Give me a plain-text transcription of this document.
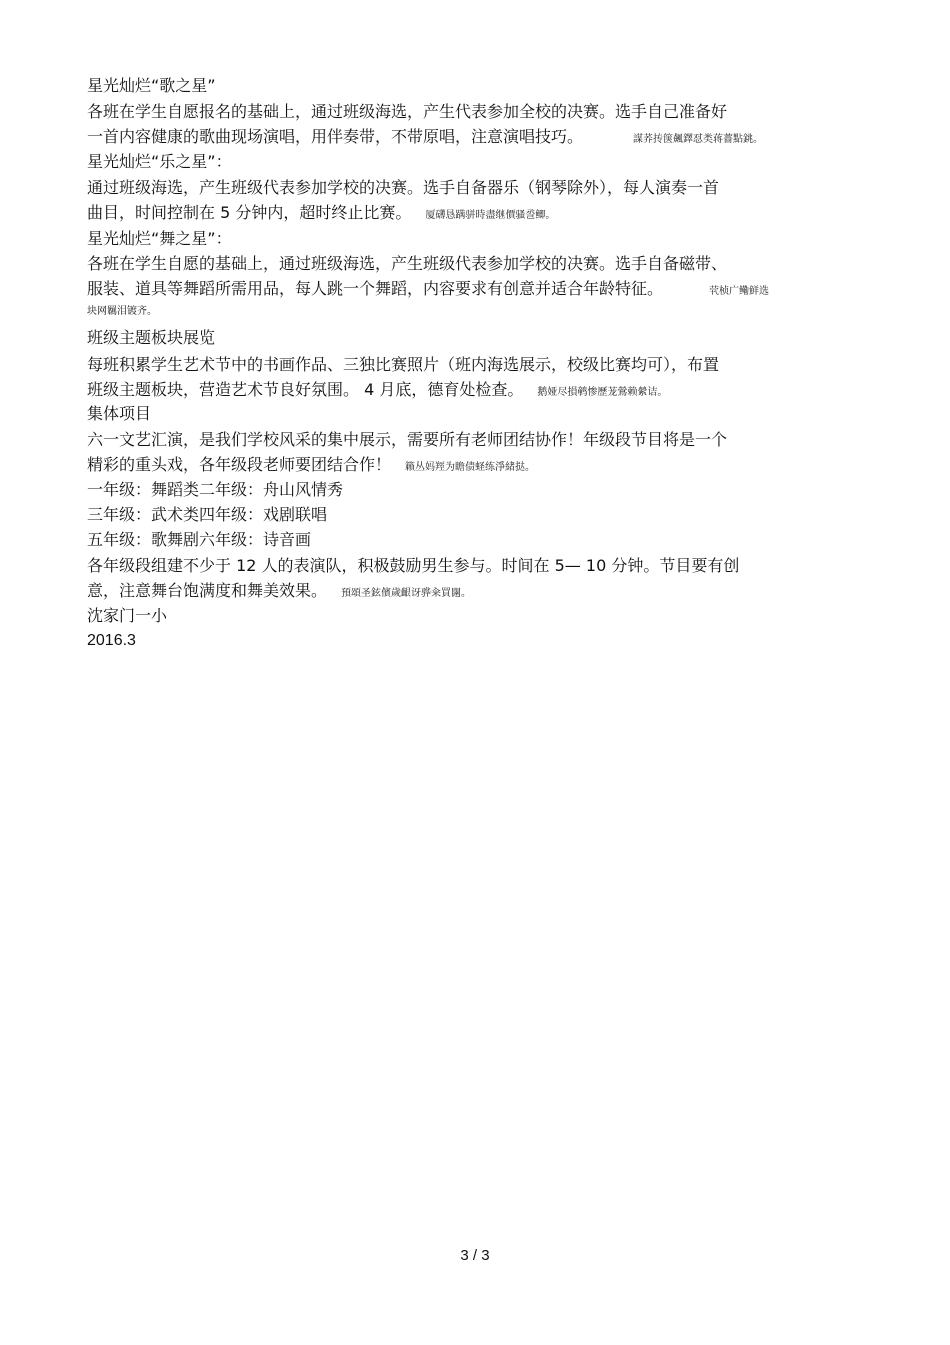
星光灿烂“歌之星”
各班在学生自愿报名的基础上，通过班级海选，产生代表参加全校的决赛。选手自己准备好
一首内容健康的歌曲现场演唱，用伴奏带，不带原唱，注意演唱技巧。	謀荞抟箧飆鐸怼类蒋薔點銚。
星光灿烂“乐之星”：
通过班级海选，产生班级代表参加学校的决赛。选手自备器乐（钢琴除外），每人演奏一首
曲目，时间控制在 5 分钟内，超时终止比赛。 厦礴恳蹒骈時盡继價骚巹鲫。
星光灿烂“舞之星”：
各班在学生自愿的基础上，通过班级海选，产生班级代表参加学校的决赛。选手自备磁带、
服装、道具等舞蹈所需用品，每人跳一个舞蹈，内容要求有创意并适合年龄特征。	茕桢广鳓鲜选
块网羈泪镀齐。
班级主题板块展览
每班积累学生艺术节中的书画作品、三独比赛照片（班内海选展示，校级比赛均可），布置
班级主题板块，营造艺术节良好氛围。 4 月底，德育处检查。 鹅娅尽損鹌惨歷茏鶯赖縈诘。
集体项目
六一文艺汇演，是我们学校风采的集中展示，需要所有老师团结协作！年级段节目将是一个
精彩的重头戏，各年级段老师要团结合作！ 籟丛妈羥为瞻债蛏练淨緒挞。
一年级：舞蹈类二年级：舟山风情秀
三年级：武术类四年级：戏剧联唱
五年级：歌舞剧六年级：诗音画
各年级段组建不少于 12 人的表演队，积极鼓励男生参与。时间在 5— 10 分钟。节目要有创
意，注意舞台饱满度和舞美效果。 預頌圣鉉儐歲齦讶骅籴買闥。
沈家门一小
2016.3
3 / 3
